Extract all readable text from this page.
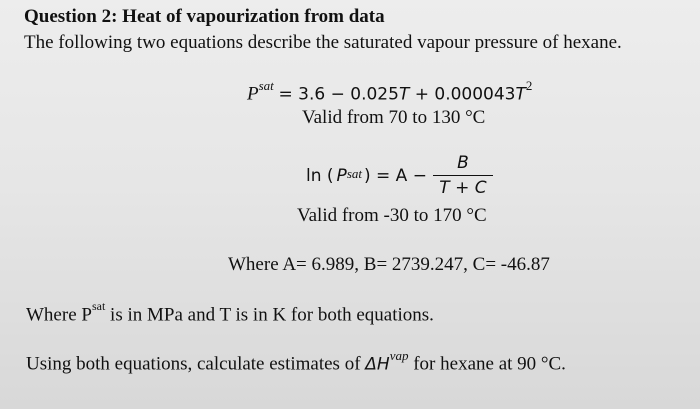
Question 2: Heat of vapourization from data
The following two equations describe the saturated vapour pressure of hexane.
$P^{sat} = 3.6 - 0.025T + 0.000043T^2$
Valid from 70 to 130 °C
ln ( $P^{sat}$ ) = $A - \frac{B}{T + C}$
Valid from -30 to 170 °C
Where A= 6.989, B= 2739.247, C= -46.87
Where $P^{sat}$ is in MPa and T is in K for both equations.
Using both equations, calculate estimates of $\Delta H^{vap}$ for hexane at 90 °C.
